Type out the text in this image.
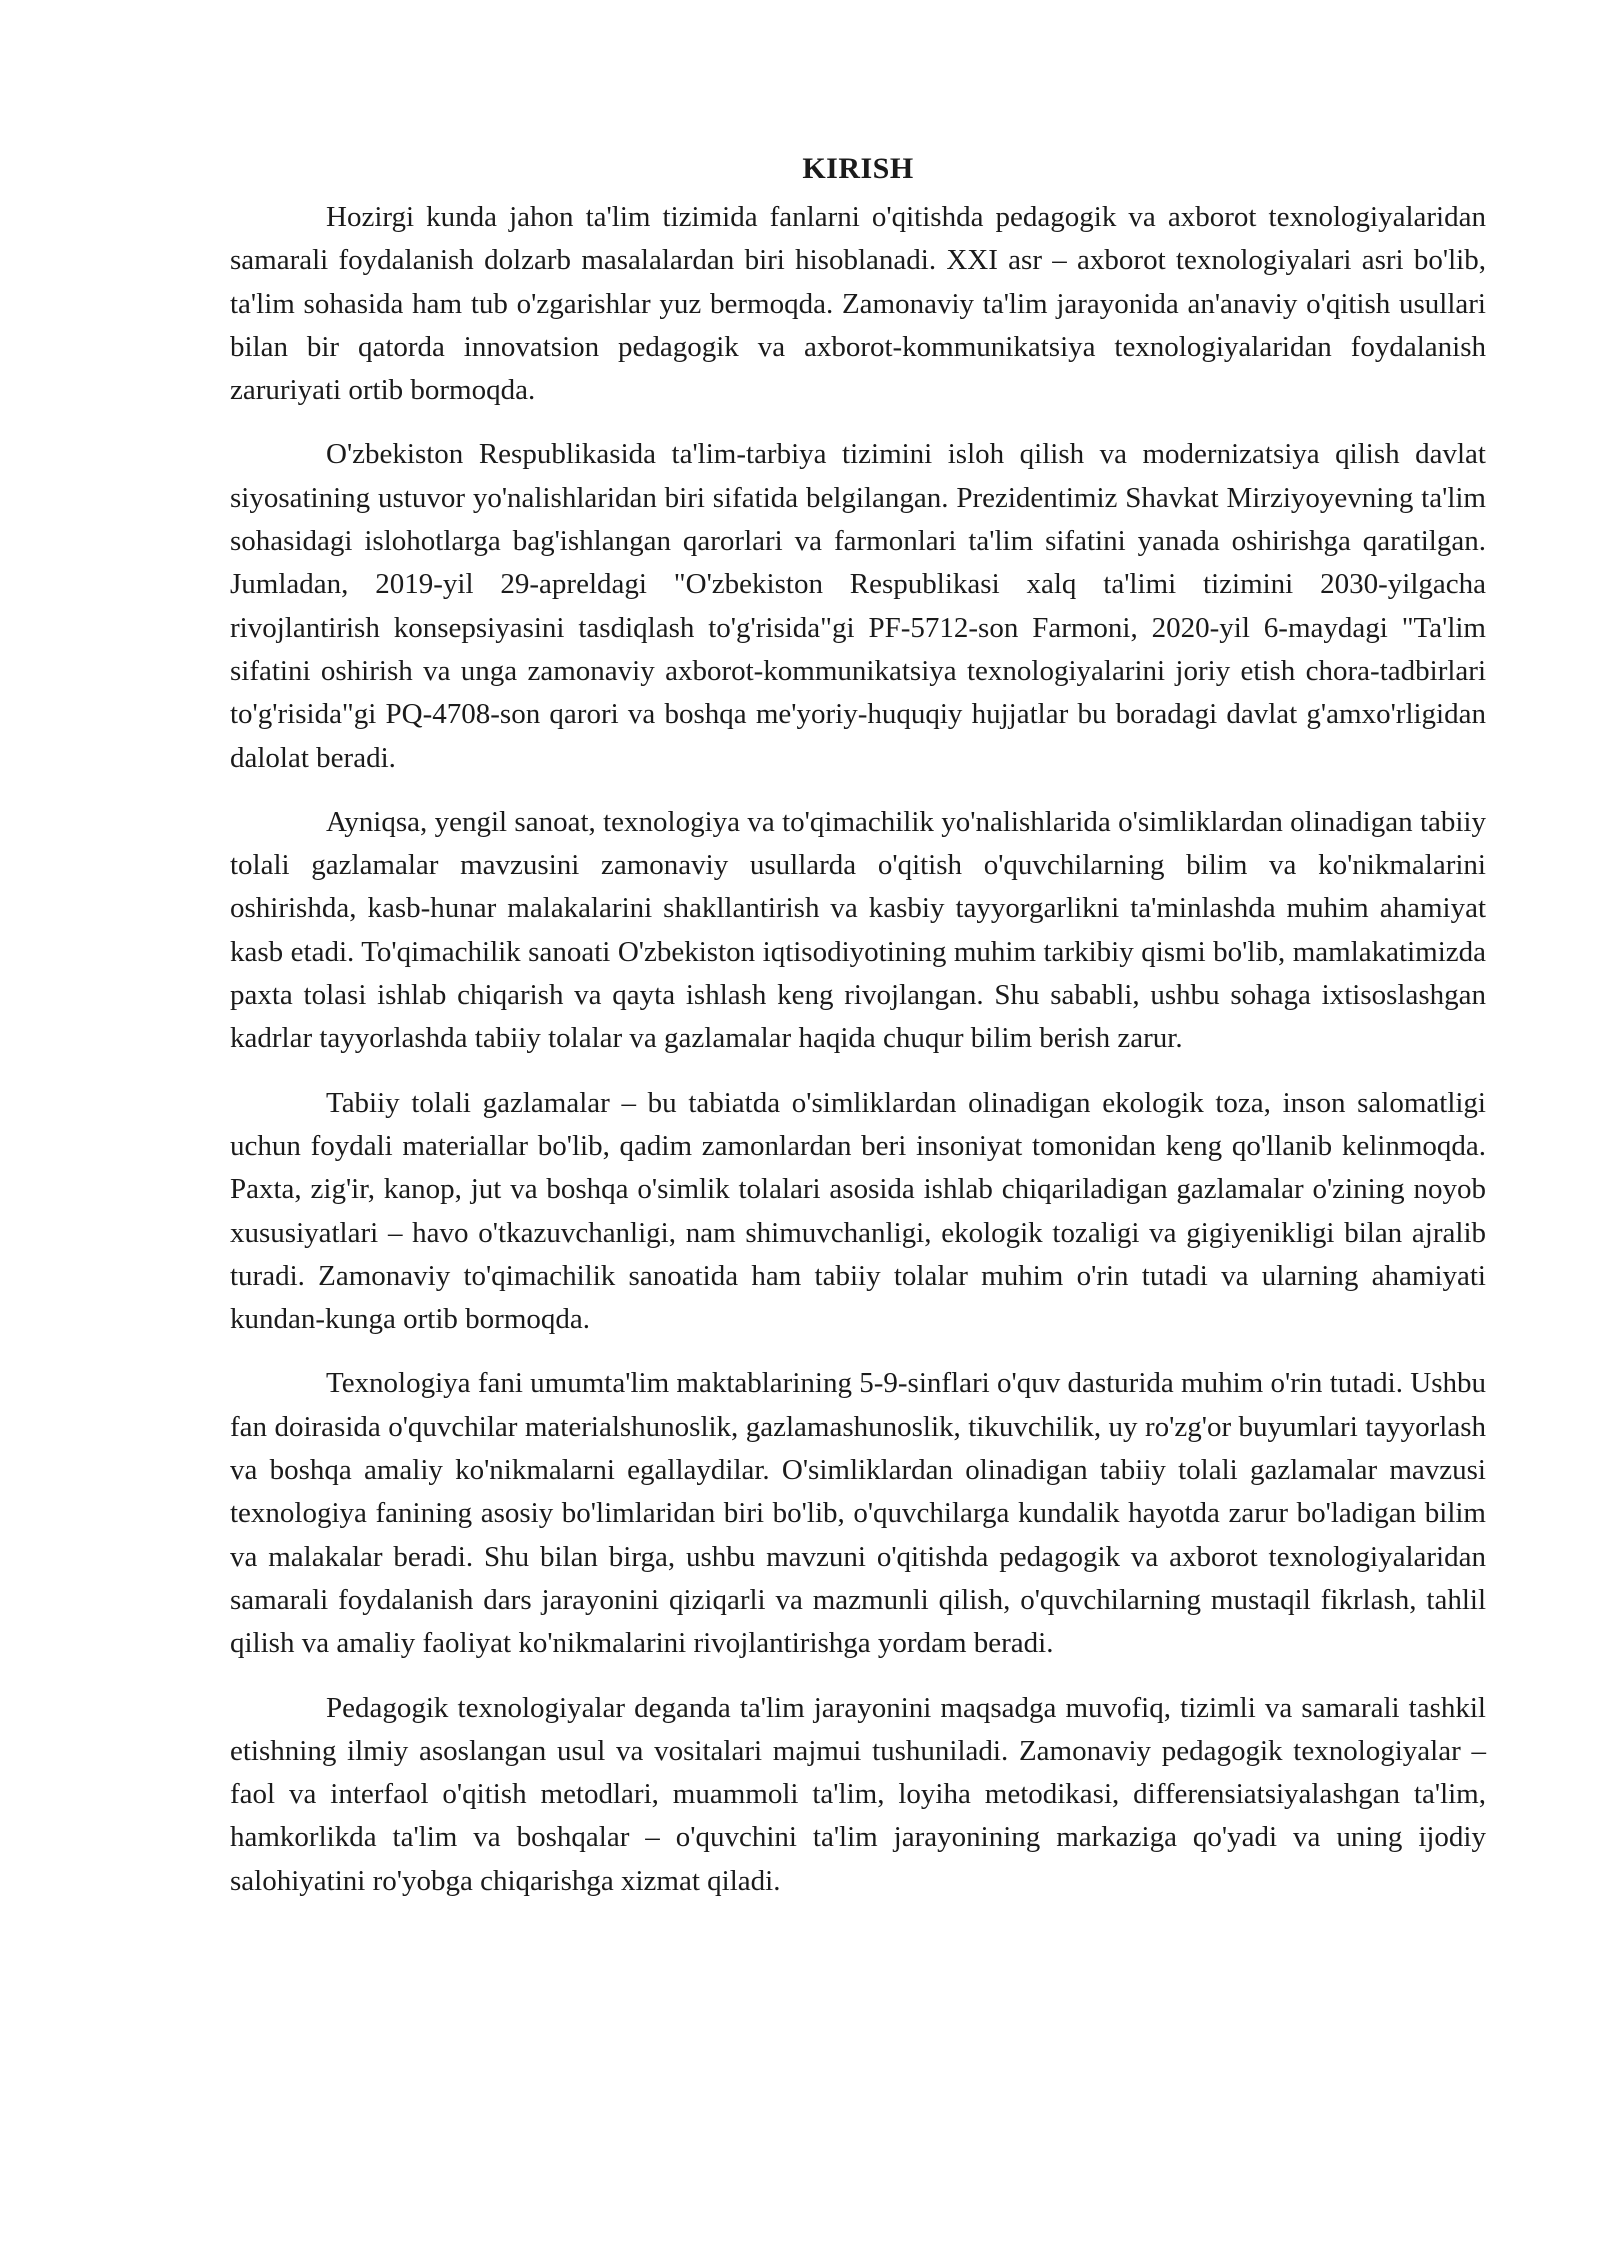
KIRISH

Hozirgi kunda jahon ta'lim tizimida fanlarni o'qitishda pedagogik va axborot texnologiyalaridan samarali foydalanish dolzarb masalalardan biri hisoblanadi. XXI asr – axborot texnologiyalari asri bo'lib, ta'lim sohasida ham tub o'zgarishlar yuz bermoqda. Zamonaviy ta'lim jarayonida an'anaviy o'qitish usullari bilan bir qatorda innovatsion pedagogik va axborot-kommunikatsiya texnologiyalaridan foydalanish zaruriyati ortib bormoqda.

O'zbekiston Respublikasida ta'lim-tarbiya tizimini isloh qilish va modernizatsiya qilish davlat siyosatining ustuvor yo'nalishlaridan biri sifatida belgilangan. Prezidentimiz Shavkat Mirziyoyevning ta'lim sohasidagi islohotlarga bag'ishlangan qarorlari va farmonlari ta'lim sifatini yanada oshirishga qaratilgan. Jumladan, 2019-yil 29-apreldagi "O'zbekiston Respublikasi xalq ta'limi tizimini 2030-yilgacha rivojlantirish konsepsiyasini tasdiqlash to'g'risida"gi PF-5712-son Farmoni, 2020-yil 6-maydagi "Ta'lim sifatini oshirish va unga zamonaviy axborot-kommunikatsiya texnologiyalarini joriy etish chora-tadbirlari to'g'risida"gi PQ-4708-son qarori va boshqa me'yoriy-huquqiy hujjatlar bu boradagi davlat g'amxo'rligidan dalolat beradi.

Ayniqsa, yengil sanoat, texnologiya va to'qimachilik yo'nalishlarida o'simliklardan olinadigan tabiiy tolali gazlamalar mavzusini zamonaviy usullarda o'qitish o'quvchilarning bilim va ko'nikmalarini oshirishda, kasb-hunar malakalarini shakllantirish va kasbiy tayyorgarlikni ta'minlashda muhim ahamiyat kasb etadi. To'qimachilik sanoati O'zbekiston iqtisodiyotining muhim tarkibiy qismi bo'lib, mamlakatimizda paxta tolasi ishlab chiqarish va qayta ishlash keng rivojlangan. Shu sababli, ushbu sohaga ixtisoslashgan kadrlar tayyorlashda tabiiy tolalar va gazlamalar haqida chuqur bilim berish zarur.

Tabiiy tolali gazlamalar – bu tabiatda o'simliklardan olinadigan ekologik toza, inson salomatligi uchun foydali materiallar bo'lib, qadim zamonlardan beri insoniyat tomonidan keng qo'llanib kelinmoqda. Paxta, zig'ir, kanop, jut va boshqa o'simlik tolalari asosida ishlab chiqariladigan gazlamalar o'zining noyob xususiyatlari – havo o'tkazuvchanligi, nam shimuvchanligi, ekologik tozaligi va gigiyenikligi bilan ajralib turadi. Zamonaviy to'qimachilik sanoatida ham tabiiy tolalar muhim o'rin tutadi va ularning ahamiyati kundan-kunga ortib bormoqda.

Texnologiya fani umumta'lim maktablarining 5-9-sinflari o'quv dasturida muhim o'rin tutadi. Ushbu fan doirasida o'quvchilar materialshunoslik, gazlamashunoslik, tikuvchilik, uy ro'zg'or buyumlari tayyorlash va boshqa amaliy ko'nikmalarni egallaydilar. O'simliklardan olinadigan tabiiy tolali gazlamalar mavzusi texnologiya fanining asosiy bo'limlaridan biri bo'lib, o'quvchilarga kundalik hayotda zarur bo'ladigan bilim va malakalar beradi. Shu bilan birga, ushbu mavzuni o'qitishda pedagogik va axborot texnologiyalaridan samarali foydalanish dars jarayonini qiziqarli va mazmunli qilish, o'quvchilarning mustaqil fikrlash, tahlil qilish va amaliy faoliyat ko'nikmalarini rivojlantirishga yordam beradi.

Pedagogik texnologiyalar deganda ta'lim jarayonini maqsadga muvofiq, tizimli va samarali tashkil etishning ilmiy asoslangan usul va vositalari majmui tushuniladi. Zamonaviy pedagogik texnologiyalar – faol va interfaol o'qitish metodlari, muammoli ta'lim, loyiha metodikasi, differensiatsiyalashgan ta'lim, hamkorlikda ta'lim va boshqalar – o'quvchini ta'lim jarayonining markaziga qo'yadi va uning ijodiy salohiyatini ro'yobga chiqarishga xizmat qiladi.
